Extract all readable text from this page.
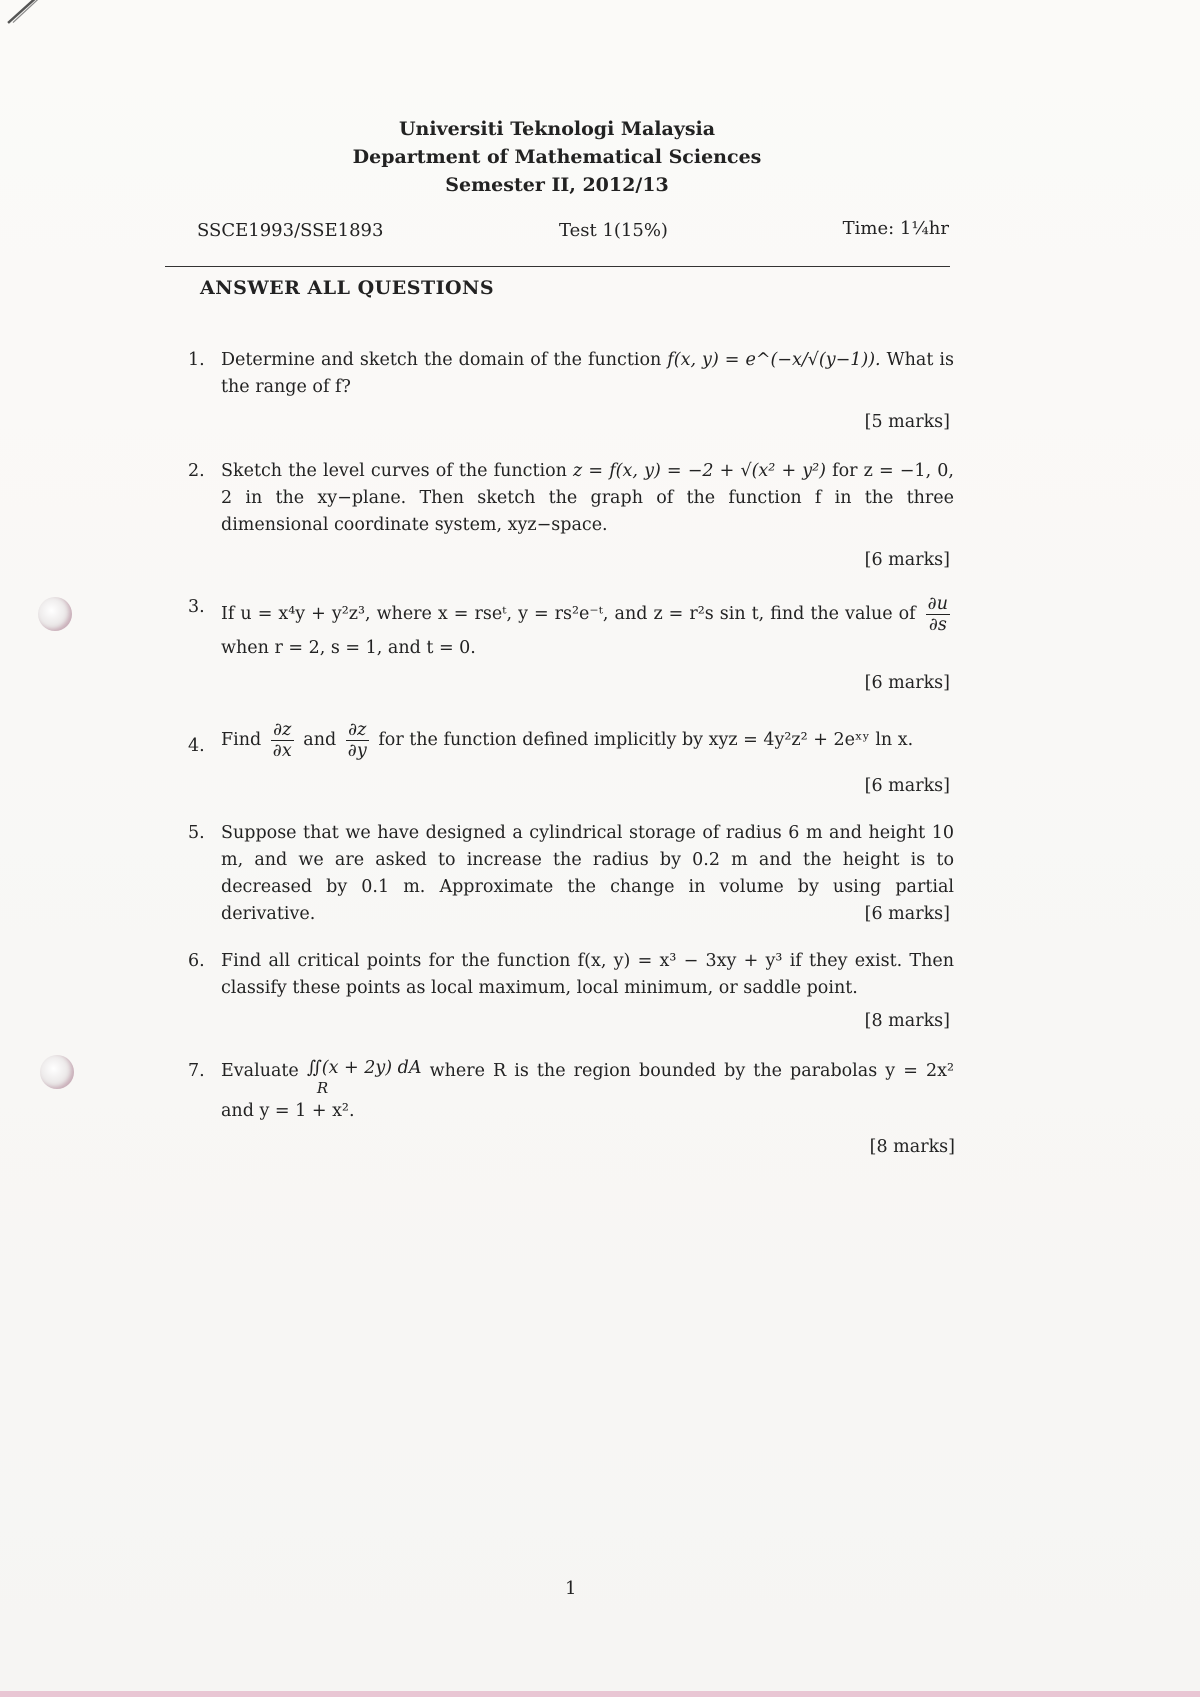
Universiti Teknologi Malaysia
Department of Mathematical Sciences
Semester II, 2012/13
SSCE1993/SSE1893	Test 1(15%)	Time: 1¼hr
ANSWER ALL QUESTIONS
1. Determine and sketch the domain of the function f(x, y) = e^(−x/√(y−1)). What is the range of f?
[5 marks]
2. Sketch the level curves of the function z = f(x, y) = −2 + √(x² + y²) for z = −1, 0, 2 in the xy−plane. Then sketch the graph of the function f in the three dimensional coordinate system, xyz−space.
[6 marks]
3. If u = x⁴y + y²z³, where x = rseᵗ, y = rs²e⁻ᵗ, and z = r²s sin t, find the value of $\frac{\partial u}{\partial s}$
when r = 2, s = 1, and t = 0.
[6 marks]
4. Find $\frac{\partial z}{\partial x}$ and $\frac{\partial z}{\partial y}$ for the function defined implicitly by xyz = 4y²z² + 2eˣʸ ln x.
[6 marks]
5. Suppose that we have designed a cylindrical storage of radius 6 m and height 10 m, and we are asked to increase the radius by 0.2 m and the height is to decreased by 0.1 m. Approximate the change in volume by using partial derivative.	[6 marks]
6. Find all critical points for the function f(x, y) = x³ − 3xy + y³ if they exist. Then classify these points as local maximum, local minimum, or saddle point.
[8 marks]
7. Evaluate ∬(x + 2y) dA
R
where R is the region bounded by the parabolas y = 2x² and y = 1 + x².
[8 marks]
1
